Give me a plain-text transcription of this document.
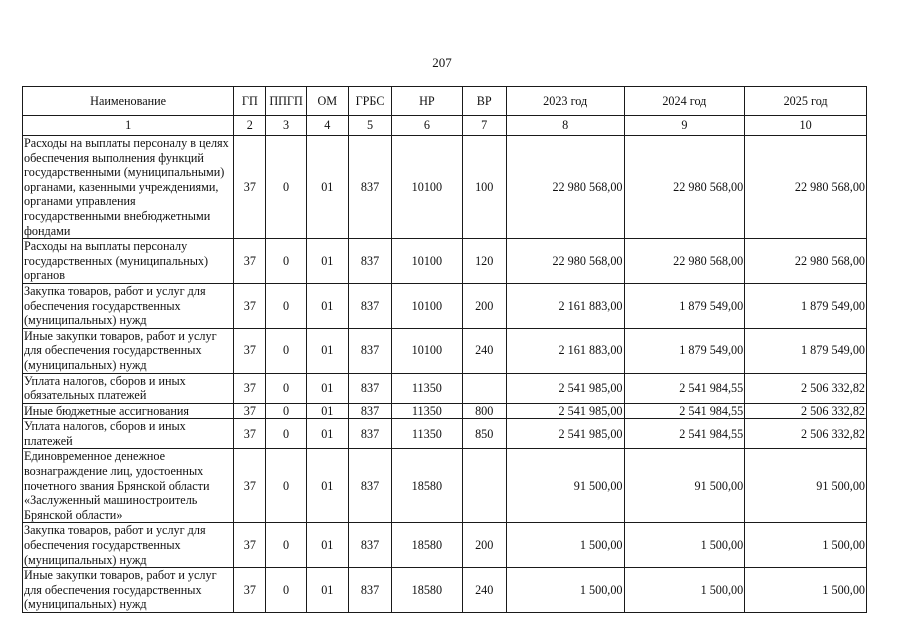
207
Наименование	ГП	ППГП	ОМ	ГРБС	НР	ВР	2023 год	2024 год	2025 год
1	2	3	4	5	6	7	8	9	10
Расходы на выплаты персоналу в целях обеспечения выполнения функций государственными (муниципальными) органами, казенными учреждениями, органами управления государственными внебюджетными фондами	37	0	01	837	10100	100	22 980 568,00	22 980 568,00	22 980 568,00
Расходы на выплаты персоналу государственных (муниципальных) органов	37	0	01	837	10100	120	22 980 568,00	22 980 568,00	22 980 568,00
Закупка товаров, работ и услуг для обеспечения государственных (муниципальных) нужд	37	0	01	837	10100	200	2 161 883,00	1 879 549,00	1 879 549,00
Иные закупки товаров, работ и услуг для обеспечения государственных (муниципальных) нужд	37	0	01	837	10100	240	2 161 883,00	1 879 549,00	1 879 549,00
Уплата налогов, сборов и иных обязательных платежей	37	0	01	837	11350		2 541 985,00	2 541 984,55	2 506 332,82
Иные бюджетные ассигнования	37	0	01	837	11350	800	2 541 985,00	2 541 984,55	2 506 332,82
Уплата налогов, сборов и иных платежей	37	0	01	837	11350	850	2 541 985,00	2 541 984,55	2 506 332,82
Единовременное денежное вознаграждение лиц, удостоенных почетного звания Брянской области «Заслуженный машиностроитель Брянской области»	37	0	01	837	18580		91 500,00	91 500,00	91 500,00
Закупка товаров, работ и услуг для обеспечения государственных (муниципальных) нужд	37	0	01	837	18580	200	1 500,00	1 500,00	1 500,00
Иные закупки товаров, работ и услуг для обеспечения государственных (муниципальных) нужд	37	0	01	837	18580	240	1 500,00	1 500,00	1 500,00
